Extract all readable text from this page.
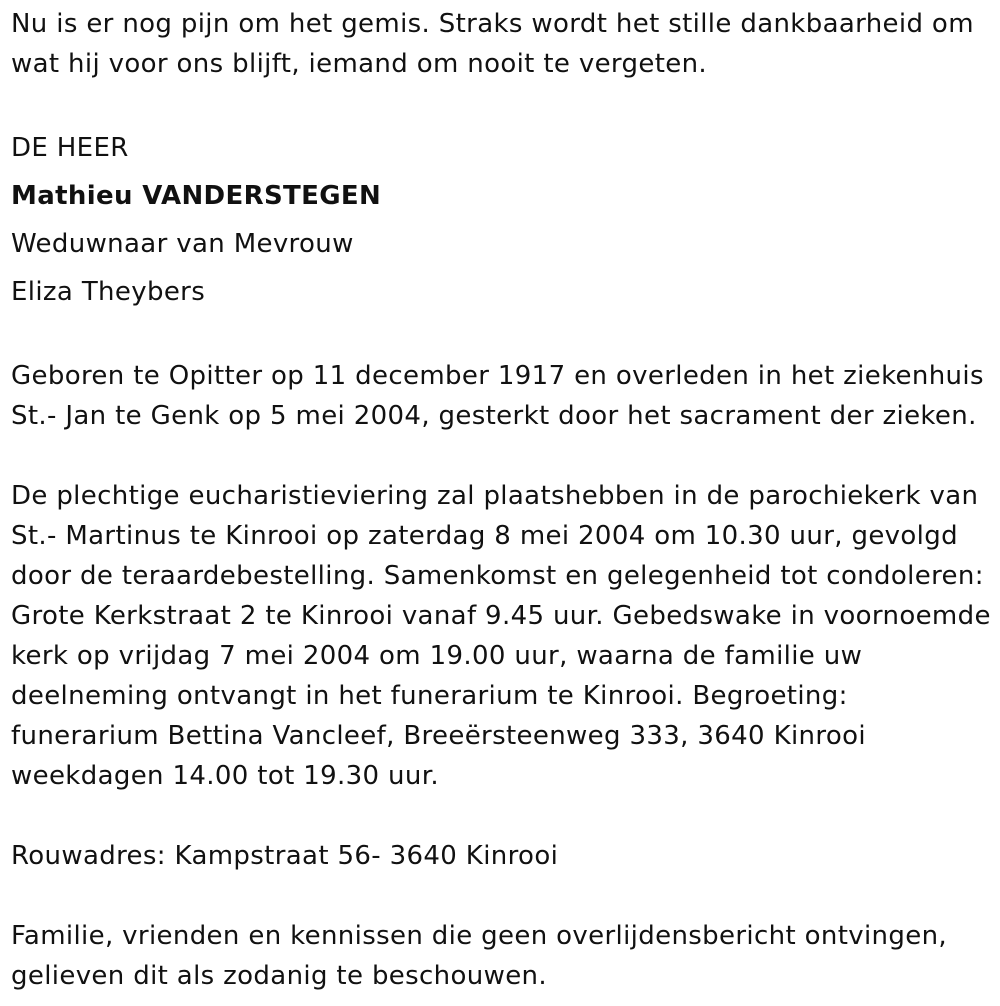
Nu is er nog pijn om het gemis. Straks wordt het stille dankbaarheid om
wat hij voor ons blijft, iemand om nooit te vergeten.

DE HEER
Mathieu VANDERSTEGEN
Weduwnaar van Mevrouw
Eliza Theybers

Geboren te Opitter op 11 december 1917 en overleden in het ziekenhuis
St.- Jan te Genk op 5 mei 2004, gesterkt door het sacrament der zieken.

De plechtige eucharistieviering zal plaatshebben in de parochiekerk van
St.- Martinus te Kinrooi op zaterdag 8 mei 2004 om 10.30 uur, gevolgd
door de teraardebestelling. Samenkomst en gelegenheid tot condoleren:
Grote Kerkstraat 2 te Kinrooi vanaf 9.45 uur. Gebedswake in voornoemde
kerk op vrijdag 7 mei 2004 om 19.00 uur, waarna de familie uw
deelneming ontvangt in het funerarium te Kinrooi. Begroeting:
funerarium Bettina Vancleef, Breeërsteenweg 333, 3640 Kinrooi
weekdagen 14.00 tot 19.30 uur.

Rouwadres: Kampstraat 56- 3640 Kinrooi

Familie, vrienden en kennissen die geen overlijdensbericht ontvingen,
gelieven dit als zodanig te beschouwen.
